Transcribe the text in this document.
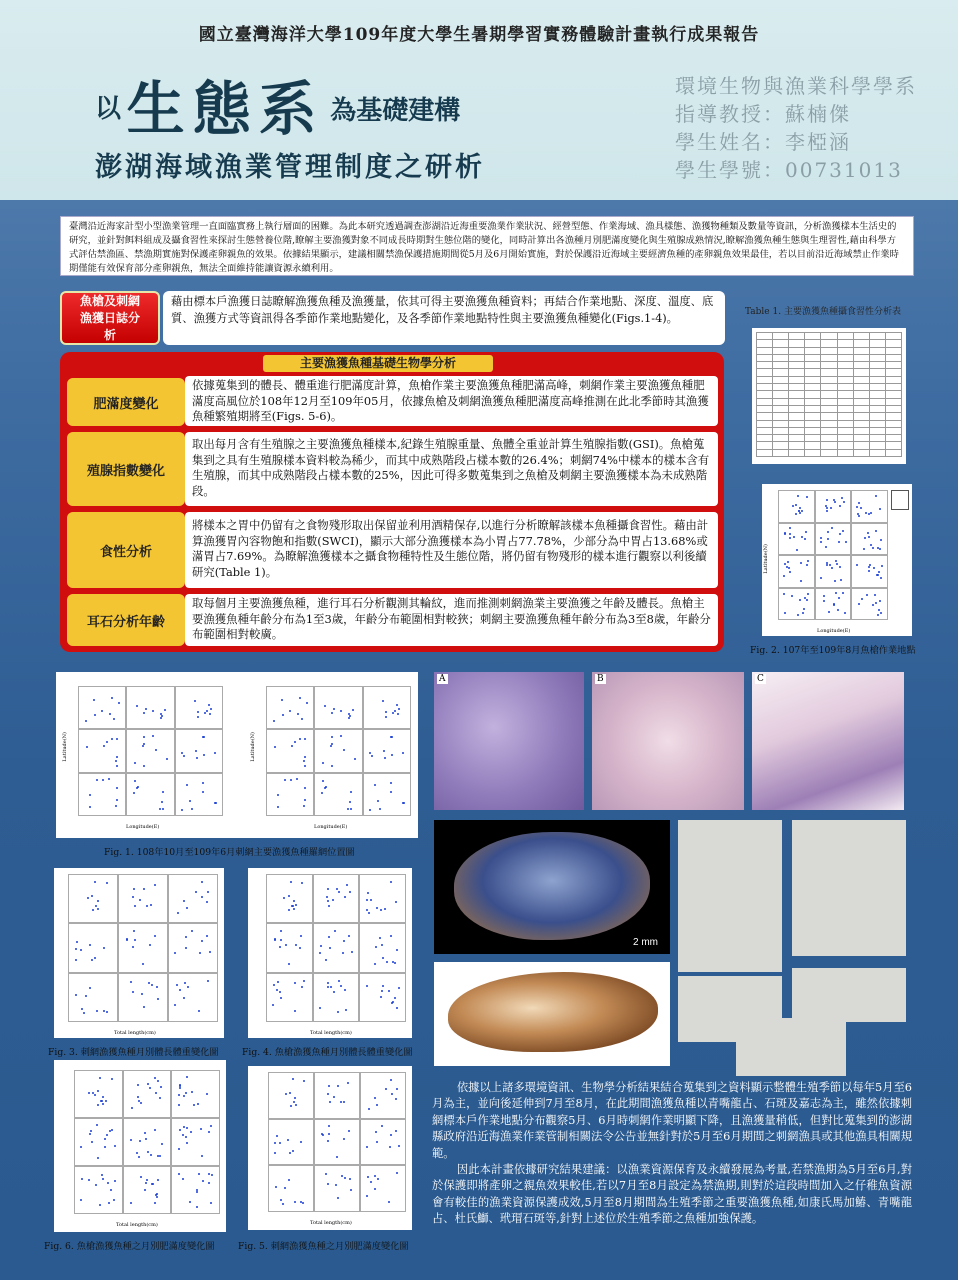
國立臺灣海洋大學109年度大學生暑期學習實務體驗計畫執行成果報告
以 生態系 為基礎建構
澎湖海域漁業管理制度之研析
環境生物與漁業科學學系
指導教授：蘇楠傑
學生姓名：李椏涵
學生學號：00731013
臺灣沿近海家計型小型漁業管理一直面臨實務上執行層面的困難。為此本研究透過調查澎湖沿近海重要漁業作業狀況、經營型態、作業海域、漁具樣態、漁獲物種類及數量等資訊，分析漁獲樣本生活史的研究，並針對餌料組成及攝食習性來探討生態營養位階,瞭解主要漁獲對象不同成長時期對生態位階的變化，同時計算出各漁種月別肥滿度變化與生殖腺成熟情況,瞭解漁獲魚種生態與生理習性,藉由科學方式評估禁漁區、禁漁期實施對保護產卵親魚的效果。依據結果顯示，建議相關禁漁保護措施期間從5月及6月開始實施，對於保護沿近海域主要經濟魚種的產卵親魚效果最佳，若以目前沿近海域禁止作業時期僅能有效保育部分產卵親魚，無法全面維持能讓資源永續利用。
魚槍及刺網漁獲日誌分析
藉由標本戶漁獲日誌瞭解漁獲魚種及漁獲量，依其可得主要漁獲魚種資料；再結合作業地點、深度、溫度、底質、漁獲方式等資訊得各季節作業地點變化，及各季節作業地點特性與主要漁獲魚種變化(Figs.1-4)。
主要漁獲魚種基礎生物學分析
肥滿度變化
依據蒐集到的體長、體重進行肥滿度計算，魚槍作業主要漁獲魚種肥滿高峰，刺網作業主要漁獲魚種肥滿度高風位於108年12月至109年05月，依據魚槍及刺網漁獲魚種肥滿度高峰推測在此北季節時其漁獲魚種繁殖期將至(Figs. 5-6)。
殖腺指數變化
取出每月含有生殖腺之主要漁獲魚種樣本,紀錄生殖腺重量、魚體全重並計算生殖腺指數(GSI)。魚槍蒐集到之具有生殖腺樣本資料較為稀少，而其中成熟階段占樣本數的26.4%；刺網74%中樣本的樣本含有生殖腺，而其中成熟階段占樣本數的25%，因此可得多數蒐集到之魚槍及刺網主要漁獲樣本為未成熟階段。
食性分析
將樣本之胃中仍留有之食物殘形取出保留並利用酒精保存,以進行分析瞭解該樣本魚種攝食習性。藉由計算漁獲胃內容物飽和指數(SWCI)，顯示大部分漁獲樣本為小胃占77.78%，少部分為中胃占13.68%或滿胃占7.69%。為瞭解漁獲樣本之攝食物種特性及生態位階，將仍留有物殘形的樣本進行觀察以利後續研究(Table 1)。
耳石分析年齡
取每個月主要漁獲魚種，進行耳石分析觀測其輪紋，進而推測刺網漁業主要漁獲之年齡及體長。魚槍主要漁獲魚種年齡分布為1至3歲，年齡分布範圍相對較狹；刺網主要漁獲魚種年齡分布為3至8歲，年齡分布範圍相對較廣。
Table 1. 主要漁獲魚種攝食習性分析表

Latitude(N)
Longitude(E)
Fig. 2. 107年至109年8月魚槍作業地點
Latitude(N)	Latitude(N)
Longitude(E)	Longitude(E)
Fig. 1. 108年10月至109年6月刺網主要漁獲魚種羅網位置圖
Total length(cm)
Fig. 3. 刺網漁獲魚種月別體長體重變化圖
Total length(cm)
Fig. 4. 魚槍漁獲魚種月別體長體重變化圖
Total length(cm)
Fig. 6. 魚槍漁獲魚種之月別肥滿度變化圖
Total length(cm)
Fig. 5. 刺網漁獲魚種之月別肥滿度變化圖
A	B	C
2 mm

依據以上諸多環境資訊、生物學分析結果結合蒐集到之資料顯示整體生殖季節以每年5月至6月為主，並向後延伸到7月至8月，在此期間漁獲魚種以青嘴龍占、石斑及嘉志為主，雖然依據刺網標本戶作業地點分布觀察5月、6月時刺網作業明顯下降，且漁獲量稍低，但對比蒐集到的澎湖縣政府沿近海漁業作業管制相關法令公告並無針對於5月至6月期間之刺網漁具或其他漁具相關規範。

因此本計畫依據研究結果建議：以漁業資源保育及永續發展為考量,若禁漁期為5月至6月,對於保護即將產卵之親魚效果較佳,若以7月至8月設定為禁漁期,則對於這段時間加入之仔稚魚資源會有較佳的漁業資源保護成效,5月至8月期間為生殖季節之重要漁獲魚種,如康氏馬加鰆、青嘴龍占、杜氏鰤、玳瑁石斑等,針對上述位於生殖季節之魚種加強保護。
